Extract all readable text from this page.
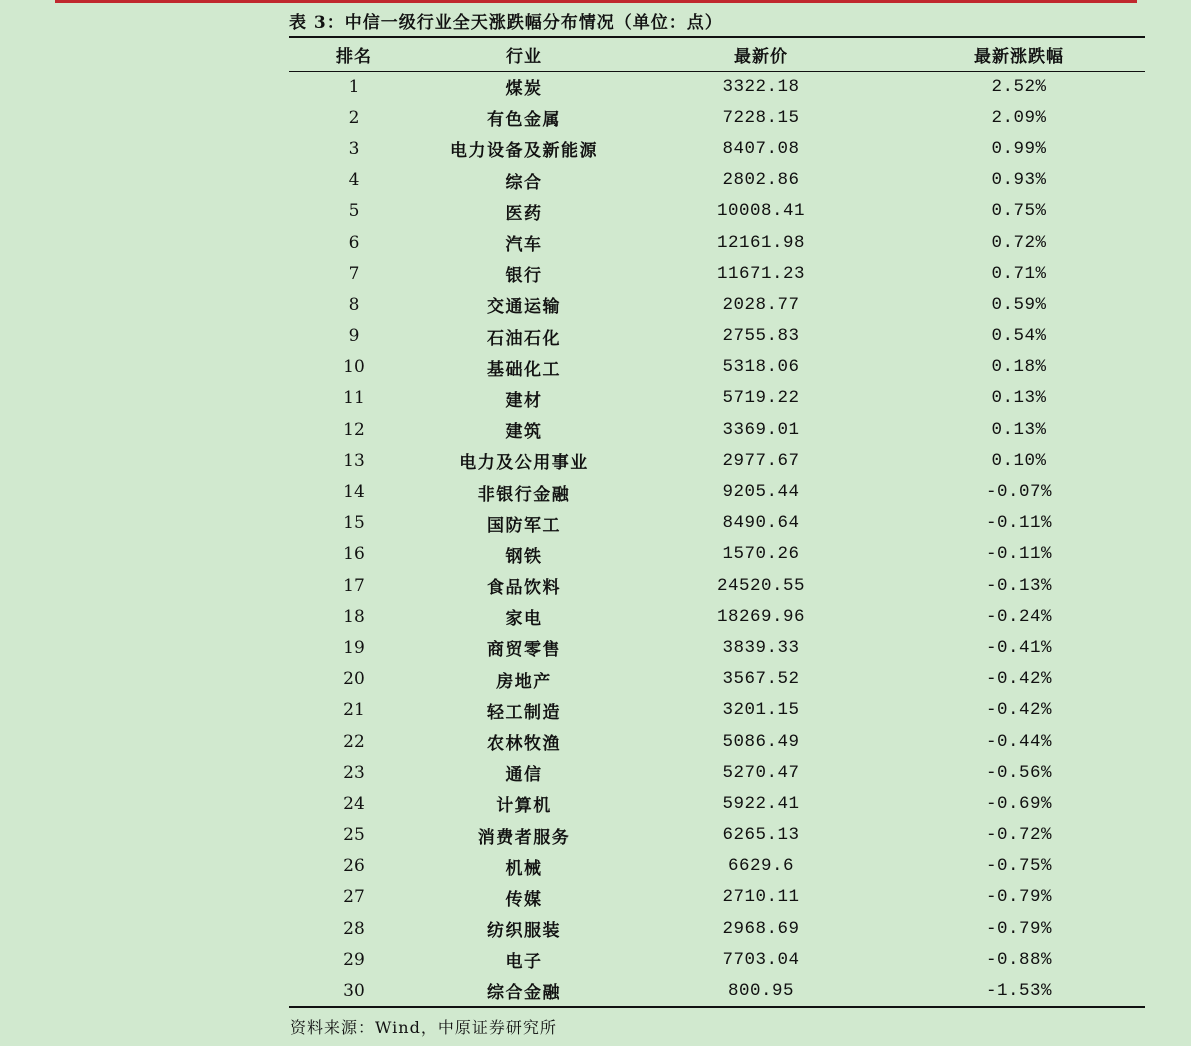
表 3：中信一级行业全天涨跌幅分布情况（单位：点）
排名	行业	最新价	最新涨跌幅
1	煤炭	3322.18	2.52%
2	有色金属	7228.15	2.09%
3	电力设备及新能源	8407.08	0.99%
4	综合	2802.86	0.93%
5	医药	10008.41	0.75%
6	汽车	12161.98	0.72%
7	银行	11671.23	0.71%
8	交通运输	2028.77	0.59%
9	石油石化	2755.83	0.54%
10	基础化工	5318.06	0.18%
11	建材	5719.22	0.13%
12	建筑	3369.01	0.13%
13	电力及公用事业	2977.67	0.10%
14	非银行金融	9205.44	-0.07%
15	国防军工	8490.64	-0.11%
16	钢铁	1570.26	-0.11%
17	食品饮料	24520.55	-0.13%
18	家电	18269.96	-0.24%
19	商贸零售	3839.33	-0.41%
20	房地产	3567.52	-0.42%
21	轻工制造	3201.15	-0.42%
22	农林牧渔	5086.49	-0.44%
23	通信	5270.47	-0.56%
24	计算机	5922.41	-0.69%
25	消费者服务	6265.13	-0.72%
26	机械	6629.6	-0.75%
27	传媒	2710.11	-0.79%
28	纺织服装	2968.69	-0.79%
29	电子	7703.04	-0.88%
30	综合金融	800.95	-1.53%
资料来源：Wind，中原证券研究所
